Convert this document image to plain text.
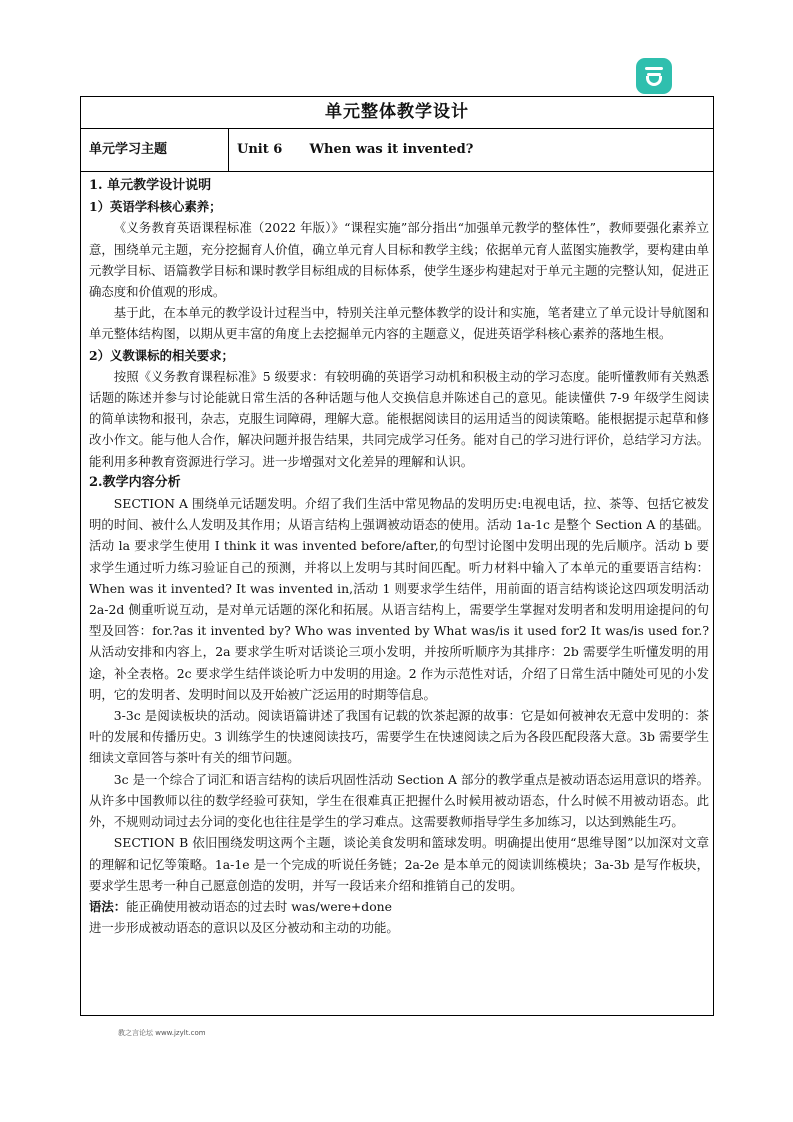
单元整体教学设计
单元学习主题	Unit 6      When was it invented?
1. 单元教学设计说明
1）英语学科核心素养；

《义务教育英语课程标准（2022 年版）》“课程实施”部分指出“加强单元教学的整体性”，教师要强化素养立意，围绕单元主题，充分挖掘育人价值，确立单元育人目标和教学主线；依据单元育人蓝图实施教学，要构建由单元教学目标、语篇教学目标和课时教学目标组成的目标体系，使学生逐步构建起对于单元主题的完整认知，促进正确态度和价值观的形成。

基于此，在本单元的教学设计过程当中，特别关注单元整体教学的设计和实施，笔者建立了单元设计导航图和单元整体结构图，以期从更丰富的角度上去挖掘单元内容的主题意义，促进英语学科核心素养的落地生根。

2）义教课标的相关要求；

按照《义务教育课程标准》5 级要求：有较明确的英语学习动机和积极主动的学习态度。能听懂教师有关熟悉话题的陈述并参与讨论能就日常生活的各种话题与他人交换信息并陈述自己的意见。能读懂供 7-9 年级学生阅读的简单读物和报刊，杂志，克服生词障碍，理解大意。能根据阅读目的运用适当的阅读策略。能根据提示起草和修改小作文。能与他人合作，解决问题并报告结果，共同完成学习任务。能对自己的学习进行评价，总结学习方法。能利用多种教育资源进行学习。进一步增强对文化差异的理解和认识。

2.教学内容分析

SECTION A 围绕单元话题发明。介绍了我们生活中常见物品的发明历史:电视电话，拉、茶等、包括它被发明的时间、被什么人发明及其作用；从语言结构上强调被动语态的使用。活动 1a-1c 是整个 Section A 的基础。活动 la 要求学生使用 I think it was invented before/after,的句型讨论图中发明出现的先后顺序。活动 b 要求学生通过听力练习验证自己的预测，并将以上发明与其时间匹配。听力材料中输入了本单元的重要语言结构：When was it invented? It was invented in,活动 1 则要求学生结伴，用前面的语言结构谈论这四项发明活动 2a-2d 侧重听说互动，是对单元话题的深化和拓展。从语言结构上，需要学生掌握对发明者和发明用途提问的句型及回答：for.?as it invented by? Who was invented by What was/is it used for2 It was/is used for.?从活动安排和内容上，2a 要求学生听对话谈论三项小发明，并按所听顺序为其排序：2b 需要学生听懂发明的用途，补全表格。2c 要求学生结伴谈论听力中发明的用途。2 作为示范性对话，介绍了日常生活中随处可见的小发明，它的发明者、发明时间以及开始被广泛运用的时期等信息。

3-3c 是阅读板块的活动。阅读语篇讲述了我国有记载的饮茶起源的故事：它是如何被神农无意中发明的：茶叶的发展和传播历史。3 训练学生的快速阅读技巧，需要学生在快速阅读之后为各段匹配段落大意。3b 需要学生细读文章回答与茶叶有关的细节问题。

3c 是一个综合了词汇和语言结构的读后巩固性活动 Section A 部分的教学重点是被动语态运用意识的塔养。从许多中国教师以往的数学经验可获知，学生在很难真正把握什么时候用被动语态，什么时候不用被动语态。此外，不规则动词过去分词的变化也往往是学生的学习难点。这需要教师指导学生多加练习，以达到熟能生巧。

SECTION B 依旧围绕发明这两个主题，谈论美食发明和篮球发明。明确提出使用“思维导图”以加深对文章的理解和记忆等策略。1a-1e 是一个完成的听说任务链；2a-2e 是本单元的阅读训练模块；3a-3b 是写作板块，要求学生思考一种自己愿意创造的发明，并写一段话来介绍和推销自己的发明。

语法：能正确使用被动语态的过去时 was/were+done

进一步形成被动语态的意识以及区分被动和主动的功能。

教之言论坛 www.jzylt.com
